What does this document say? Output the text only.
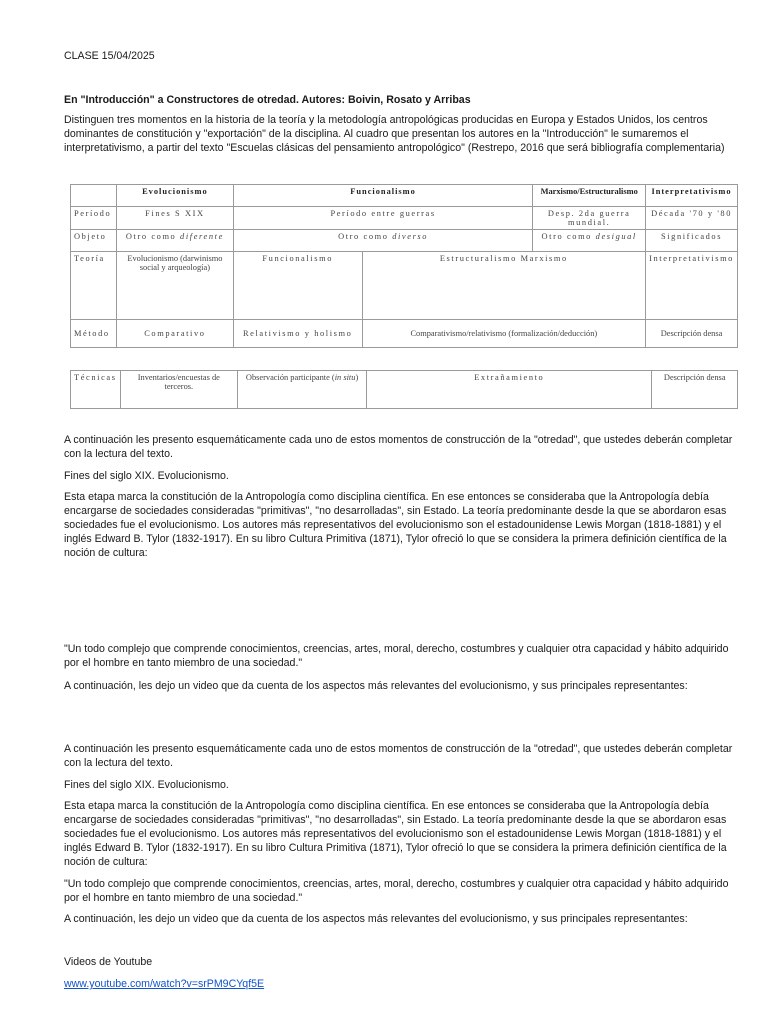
CLASE 15/04/2025

En "Introducción" a Constructores de otredad. Autores: Boivin, Rosato y Arribas

Distinguen tres momentos en la historia de la teoría y la metodología antropológicas producidas en Europa y Estados Unidos, los centros dominantes de constitución y "exportación" de la disciplina. Al cuadro que presentan los autores en la "Introducción" le sumaremos el interpretativismo, a partir del texto "Escuelas clásicas del pensamiento antropológico" (Restrepo, 2016 que será bibliografía complementaria)

	Evolucionismo	Funcionalismo		Marxismo/Estructuralismo	Interpretativismo
Período	Fines S XIX	Período entre guerras		Desp. 2da guerra mundial.	Década '70 y '80
Objeto	Otro como diferente	Otro como diverso		Otro como desigual	Significados
Teoría	Evolucionismo (darwinismo social y arqueología)	Funcionalismo	Estructuralismo Marxismo		Interpretativismo
Método	Comparativo	Relativismo y holismo	Comparativismo/relativismo (formalización/deducción)		Descripción densa
Técnicas	Inventarios/encuestas de terceros.	Observación participante (in situ)	Extrañamiento	Descripción densa

A continuación les presento esquemáticamente cada uno de estos momentos de construcción de la "otredad", que ustedes deberán completar con la lectura del texto.

Fines del siglo XIX. Evolucionismo.

Esta etapa marca la constitución de la Antropología como disciplina científica. En ese entonces se consideraba que la Antropología debía encargarse de sociedades consideradas "primitivas", "no desarrolladas", sin Estado. La teoría predominante desde la que se abordaron esas sociedades fue el evolucionismo. Los autores más representativos del evolucionismo son el estadounidense Lewis Morgan (1818-1881) y el inglés Edward B. Tylor (1832-1917). En su libro Cultura Primitiva (1871), Tylor ofreció lo que se considera la primera definición científica de la noción de cultura:

"Un todo complejo que comprende conocimientos, creencias, artes, moral, derecho, costumbres y cualquier otra capacidad y hábito adquirido por el hombre en tanto miembro de una sociedad."

A continuación, les dejo un video que da cuenta de los aspectos más relevantes del evolucionismo, y sus principales representantes:

A continuación les presento esquemáticamente cada uno de estos momentos de construcción de la "otredad", que ustedes deberán completar con la lectura del texto.

Fines del siglo XIX. Evolucionismo.

Esta etapa marca la constitución de la Antropología como disciplina científica. En ese entonces se consideraba que la Antropología debía encargarse de sociedades consideradas "primitivas", "no desarrolladas", sin Estado. La teoría predominante desde la que se abordaron esas sociedades fue el evolucionismo. Los autores más representativos del evolucionismo son el estadounidense Lewis Morgan (1818-1881) y el inglés Edward B. Tylor (1832-1917). En su libro Cultura Primitiva (1871), Tylor ofreció lo que se considera la primera definición científica de la noción de cultura:

"Un todo complejo que comprende conocimientos, creencias, artes, moral, derecho, costumbres y cualquier otra capacidad y hábito adquirido por el hombre en tanto miembro de una sociedad."

A continuación, les dejo un video que da cuenta de los aspectos más relevantes del evolucionismo, y sus principales representantes:

Videos de Youtube

www.youtube.com/watch?v=srPM9CYqf5E
